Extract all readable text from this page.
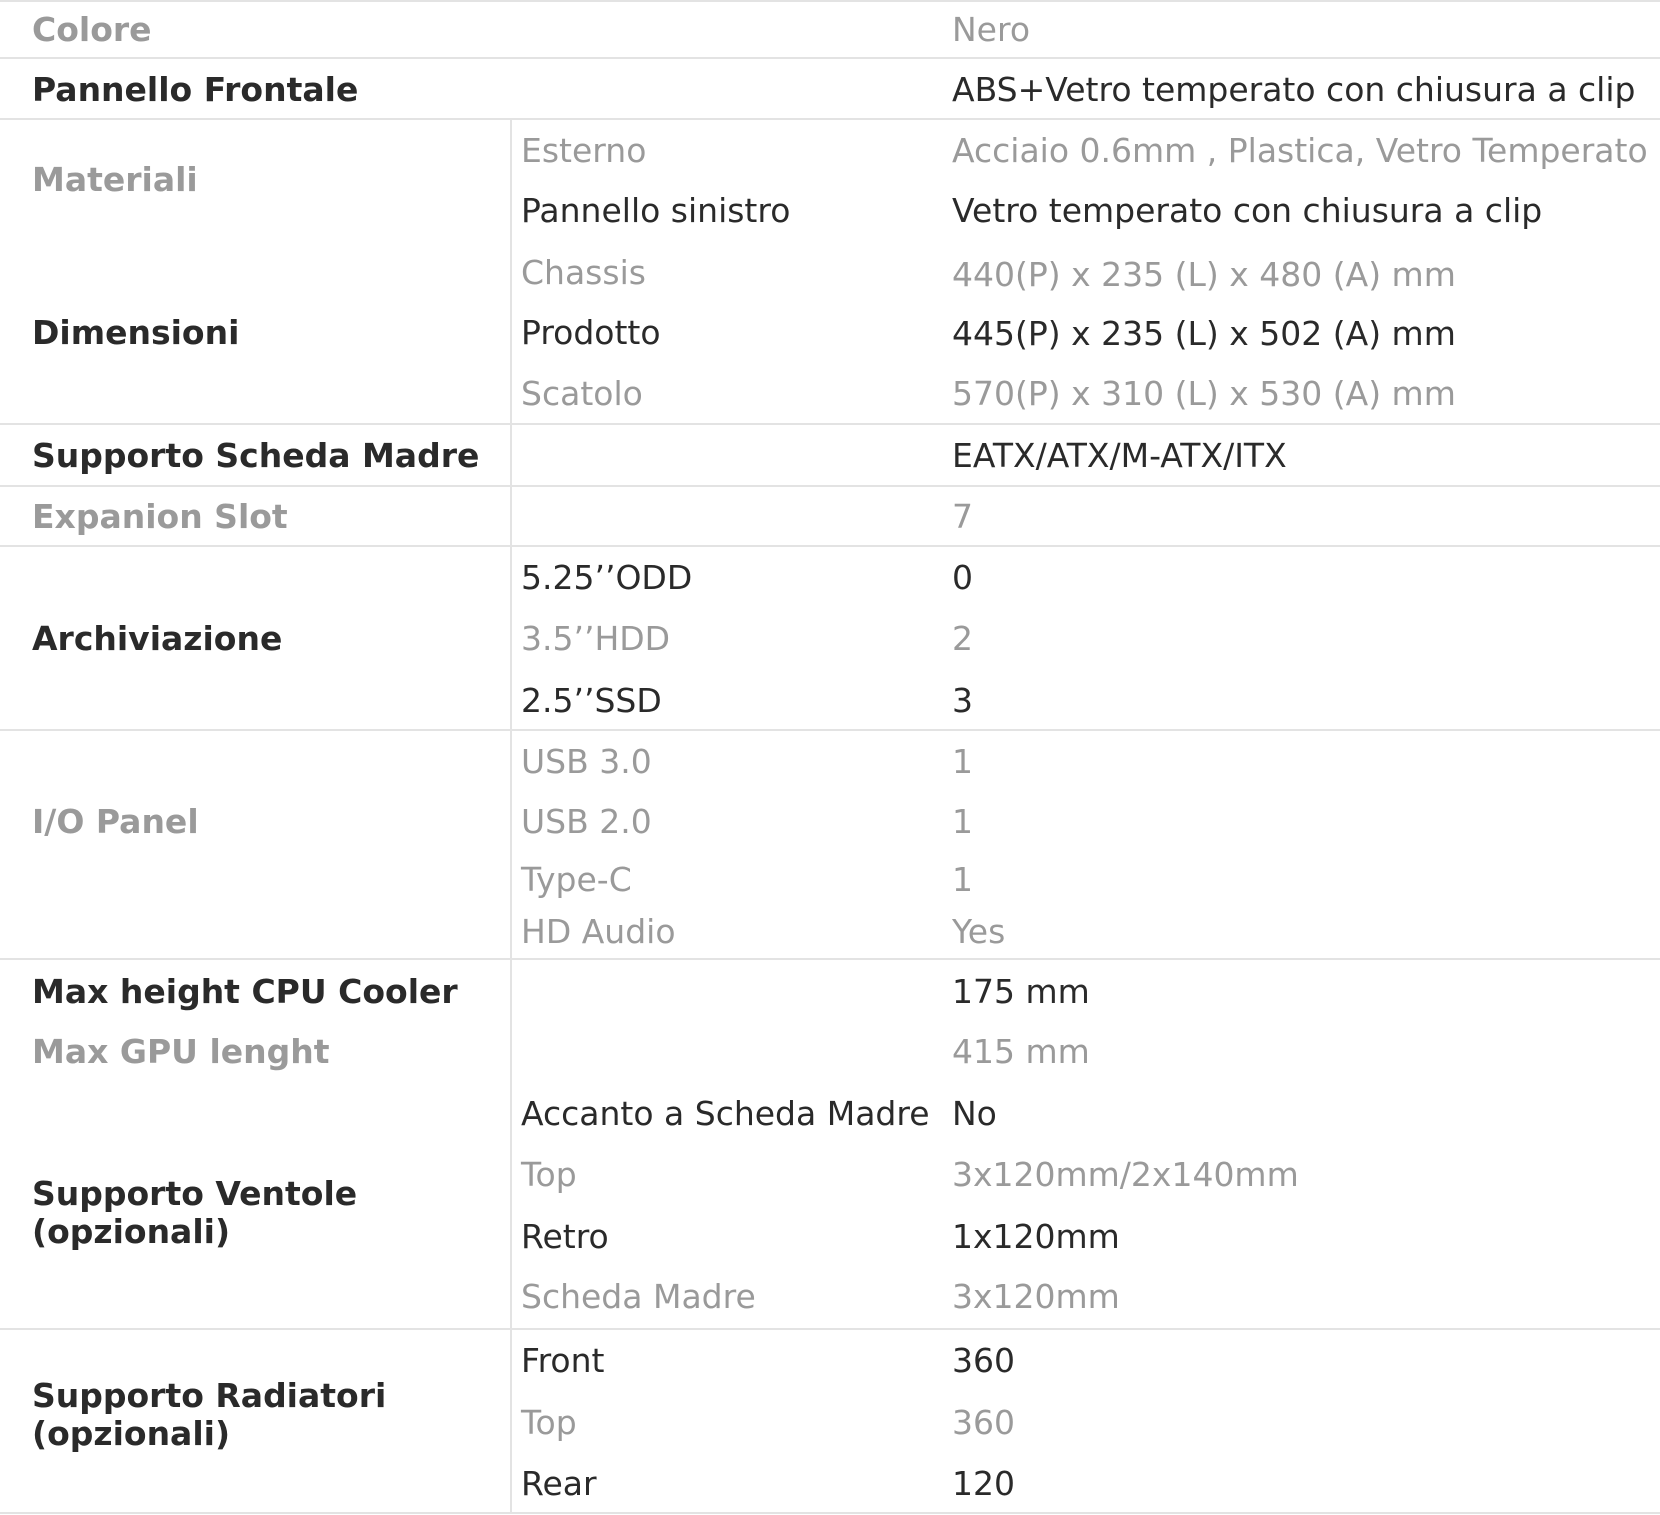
Colore	Nero
Pannello Frontale	ABS+Vetro temperato con chiusura a clip
Materiali
Esterno	Acciaio 0.6mm , Plastica, Vetro Temperato
Pannello sinistro	Vetro temperato con chiusura a clip
Dimensioni
Chassis	440(P) x 235 (L) x 480 (A) mm
Prodotto	445(P) x 235 (L) x 502 (A) mm
Scatolo	570(P) x 310 (L) x 530 (A) mm
Supporto Scheda Madre	EATX/ATX/M-ATX/ITX
Expanion Slot	7
Archiviazione
5.25’’ODD	0
3.5’’HDD	2
2.5’’SSD	3
I/O Panel
USB 3.0	1
USB 2.0	1
Type-C	1
HD Audio	Yes
Max height CPU Cooler	175 mm
Max GPU lenght	415 mm
Supporto Ventole (opzionali)
Accanto a Scheda Madre No
Top	3x120mm/2x140mm
Retro	1x120mm
Scheda Madre	3x120mm
Supporto Radiatori (opzionali)
Front	360
Top	360
Rear	120
